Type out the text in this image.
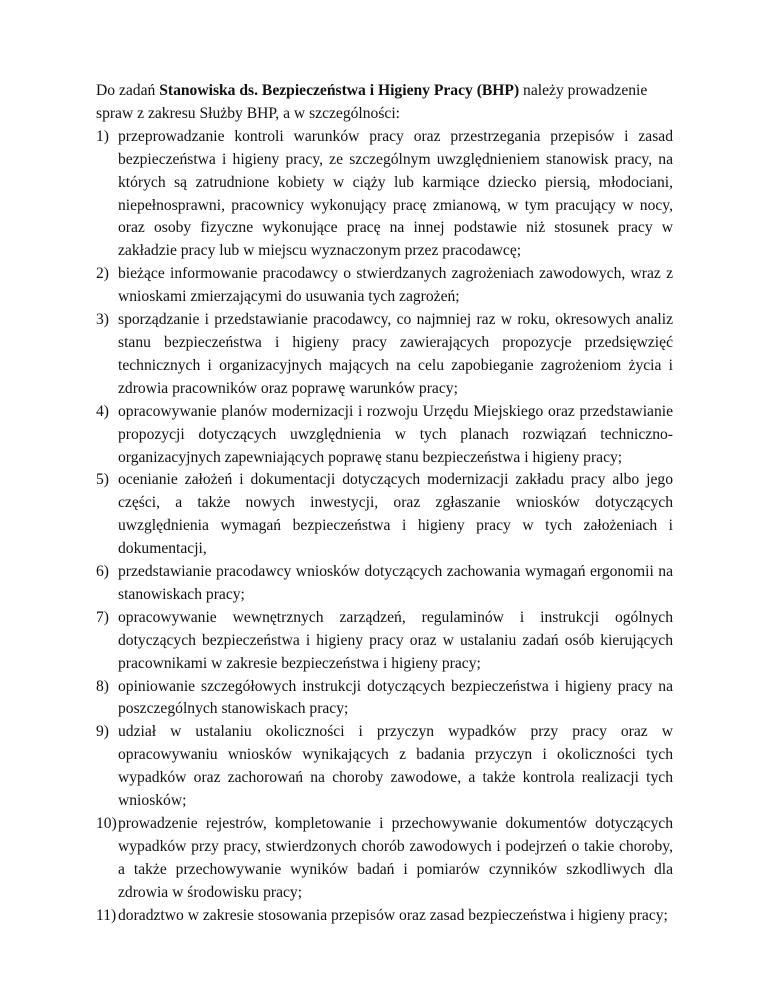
Do zadań Stanowiska ds. Bezpieczeństwa i Higieny Pracy (BHP) należy prowadzenie spraw z zakresu Służby BHP, a w szczególności:

1) przeprowadzanie kontroli warunków pracy oraz przestrzegania przepisów i zasad bezpieczeństwa i higieny pracy, ze szczególnym uwzględnieniem stanowisk pracy, na których są zatrudnione kobiety w ciąży lub karmiące dziecko piersią, młodociani, niepełnosprawni, pracownicy wykonujący pracę zmianową, w tym pracujący w nocy, oraz osoby fizyczne wykonujące pracę na innej podstawie niż stosunek pracy w zakładzie pracy lub w miejscu wyznaczonym przez pracodawcę;
2) bieżące informowanie pracodawcy o stwierdzanych zagrożeniach zawodowych, wraz z wnioskami zmierzającymi do usuwania tych zagrożeń;
3) sporządzanie i przedstawianie pracodawcy, co najmniej raz w roku, okresowych analiz stanu bezpieczeństwa i higieny pracy zawierających propozycje przedsięwzięć technicznych i organizacyjnych mających na celu zapobieganie zagrożeniom życia i zdrowia pracowników oraz poprawę warunków pracy;
4) opracowywanie planów modernizacji i rozwoju Urzędu Miejskiego oraz przedstawianie propozycji dotyczących uwzględnienia w tych planach rozwiązań techniczno-organizacyjnych zapewniających poprawę stanu bezpieczeństwa i higieny pracy;
5) ocenianie założeń i dokumentacji dotyczących modernizacji zakładu pracy albo jego części, a także nowych inwestycji, oraz zgłaszanie wniosków dotyczących uwzględnienia wymagań bezpieczeństwa i higieny pracy w tych założeniach i dokumentacji,
6) przedstawianie pracodawcy wniosków dotyczących zachowania wymagań ergonomii na stanowiskach pracy;
7) opracowywanie wewnętrznych zarządzeń, regulaminów i instrukcji ogólnych dotyczących bezpieczeństwa i higieny pracy oraz w ustalaniu zadań osób kierujących pracownikami w zakresie bezpieczeństwa i higieny pracy;
8) opiniowanie szczegółowych instrukcji dotyczących bezpieczeństwa i higieny pracy na poszczególnych stanowiskach pracy;
9) udział w ustalaniu okoliczności i przyczyn wypadków przy pracy oraz w opracowywaniu wniosków wynikających z badania przyczyn i okoliczności tych wypadków oraz zachorowań na choroby zawodowe, a także kontrola realizacji tych wniosków;
10) prowadzenie rejestrów, kompletowanie i przechowywanie dokumentów dotyczących wypadków przy pracy, stwierdzonych chorób zawodowych i podejrzeń o takie choroby, a także przechowywanie wyników badań i pomiarów czynników szkodliwych dla zdrowia w środowisku pracy;
11) doradztwo w zakresie stosowania przepisów oraz zasad bezpieczeństwa i higieny pracy;
